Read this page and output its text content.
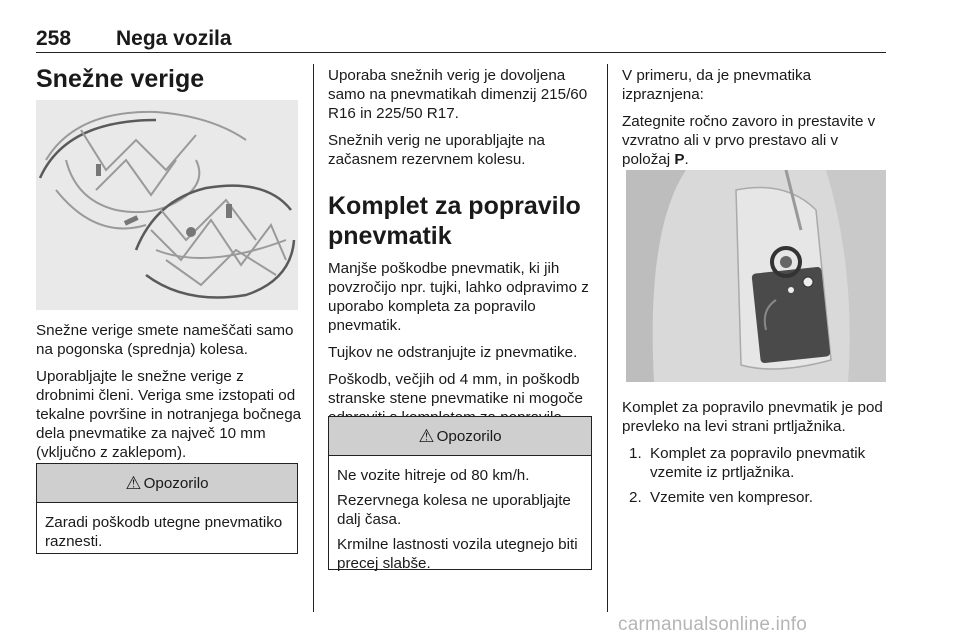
258 Nega vozila
Snežne verige

Snežne verige smete nameščati samo na pogonska (sprednja) kolesa.

Uporabljajte le snežne verige z drobnimi členi. Veriga sme izstopati od tekalne površine in notranjega bočnega dela pnevmatike za največ 10 mm (vključno z zaklepom).

⚠ Opozorilo

Zaradi poškodb utegne pnevmatiko raznesti.

Uporaba snežnih verig je dovoljena samo na pnevmatikah dimenzij 215/60 R16 in 225/50 R17.

Snežnih verig ne uporabljajte na začasnem rezervnem kolesu.

Komplet za popravilo pnevmatik

Manjše poškodbe pnevmatik, ki jih povzročijo npr. tujki, lahko odpravimo z uporabo kompleta za popravilo pnevmatik.

Tujkov ne odstranjujte iz pnevmatike.

Poškodb, večjih od 4 mm, in poškodb stranske stene pnevmatike ni mogoče

⚠ Opozorilo

Ne vozite hitreje od 80 km/h.

Rezervnega kolesa ne uporabljajte dalj časa.

Krmilne lastnosti vozila utegnejo biti precej slabše.

V primeru, da je pnevmatika izpraznjena:

Zategnite ročno zavoro in prestavite v vzvratno ali v prvo prestavo ali v položaj P.

Komplet za popravilo pnevmatik je pod prevleko na levi strani prtljažnika.

1. Komplet za popravilo pnevmatik vzemite iz prtljažnika.
2. Vzemite ven kompresor.
carmanualsonline.info
